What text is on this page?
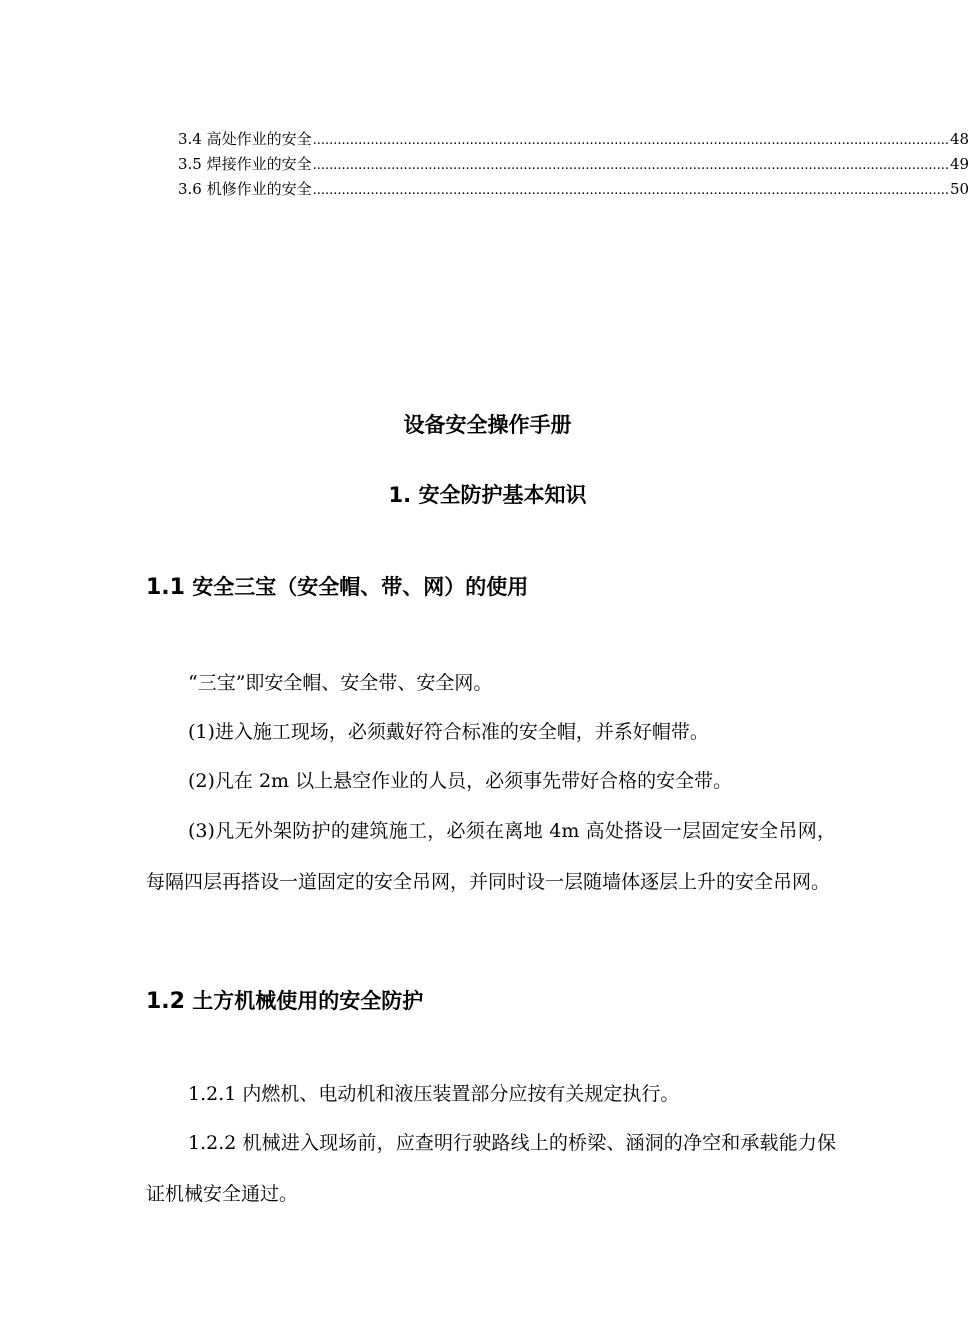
3.4 高处作业的安全 .......................................................................................................................................................... 48
3.5 焊接作业的安全 .......................................................................................................................................................... 49
3.6 机修作业的安全 .......................................................................................................................................................... 50
设备安全操作手册
1. 安全防护基本知识
1.1 安全三宝（安全帽、带、网）的使用
“三宝”即安全帽、安全带、安全网。
(1)进入施工现场，必须戴好符合标准的安全帽，并系好帽带。
(2)凡在 2m 以上悬空作业的人员，必须事先带好合格的安全带。
(3)凡无外架防护的建筑施工，必须在离地 4m 高处搭设一层固定安全吊网，每隔四层再搭设一道固定的安全吊网，并同时设一层随墙体逐层上升的安全吊网。
1.2 土方机械使用的安全防护
1.2.1 内燃机、电动机和液压装置部分应按有关规定执行。
1.2.2 机械进入现场前，应查明行驶路线上的桥梁、涵洞的净空和承载能力保证机械安全通过。
